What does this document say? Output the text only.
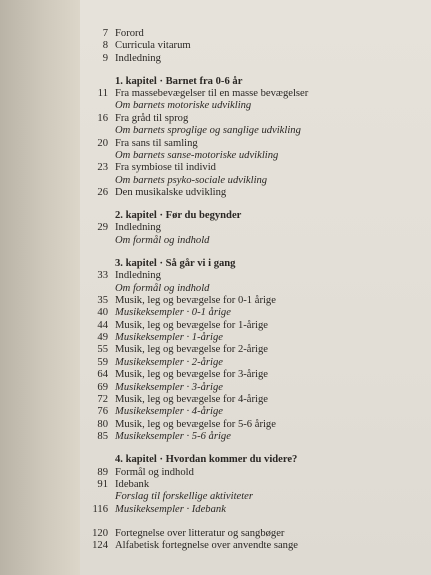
7 Forord
8 Curricula vitarum
9 Indledning
1. kapitel · Barnet fra 0-6 år
11 Fra massebevægelser til en masse bevægelser
Om barnets motoriske udvikling
16 Fra gråd til sprog
Om barnets sproglige og sanglige udvikling
20 Fra sans til samling
Om barnets sanse-motoriske udvikling
23 Fra symbiose til individ
Om barnets psyko-sociale udvikling
26 Den musikalske udvikling
2. kapitel · Før du begynder
29 Indledning
Om formål og indhold
3. kapitel · Så går vi i gang
33 Indledning
Om formål og indhold
35 Musik, leg og bevægelse for 0-1 årige
40 Musikeksempler · 0-1 årige
44 Musik, leg og bevægelse for 1-årige
49 Musikeksempler · 1-årige
55 Musik, leg og bevægelse for 2-årige
59 Musikeksempler · 2-årige
64 Musik, leg og bevægelse for 3-årige
69 Musikeksempler · 3-årige
72 Musik, leg og bevægelse for 4-årige
76 Musikeksempler · 4-årige
80 Musik, leg og bevægelse for 5-6 årige
85 Musikeksempler · 5-6 årige
4. kapitel · Hvordan kommer du videre?
89 Formål og indhold
91 Idebank
Forslag til forskellige aktiviteter
116 Musikeksempler · Idebank
120 Fortegnelse over litteratur og sangbøger
124 Alfabetisk fortegnelse over anvendte sange
